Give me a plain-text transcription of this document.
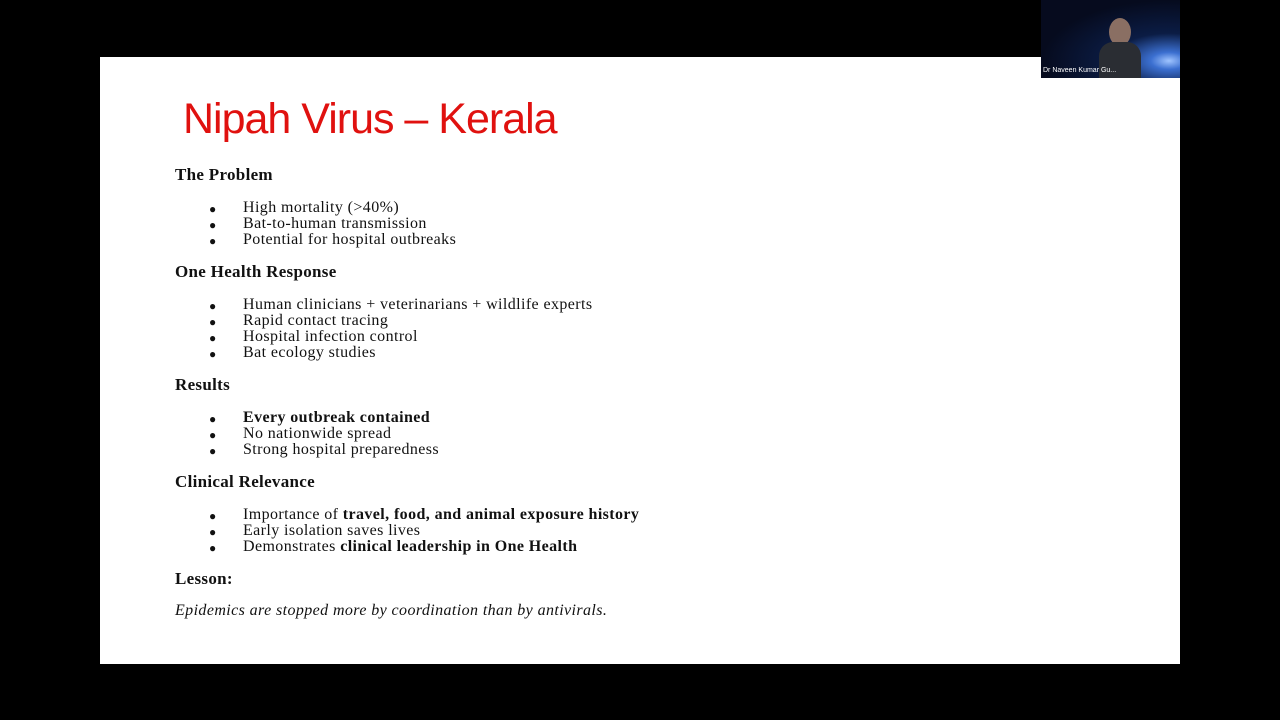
Nipah Virus – Kerala
The Problem
● High mortality (>40%)
● Bat-to-human transmission
● Potential for hospital outbreaks
One Health Response
● Human clinicians + veterinarians + wildlife experts
● Rapid contact tracing
● Hospital infection control
● Bat ecology studies
Results
● Every outbreak contained
● No nationwide spread
● Strong hospital preparedness
Clinical Relevance
● Importance of travel, food, and animal exposure history
● Early isolation saves lives
● Demonstrates clinical leadership in One Health
Lesson:
Epidemics are stopped more by coordination than by antivirals.
Dr Naveen Kumar Gu...
